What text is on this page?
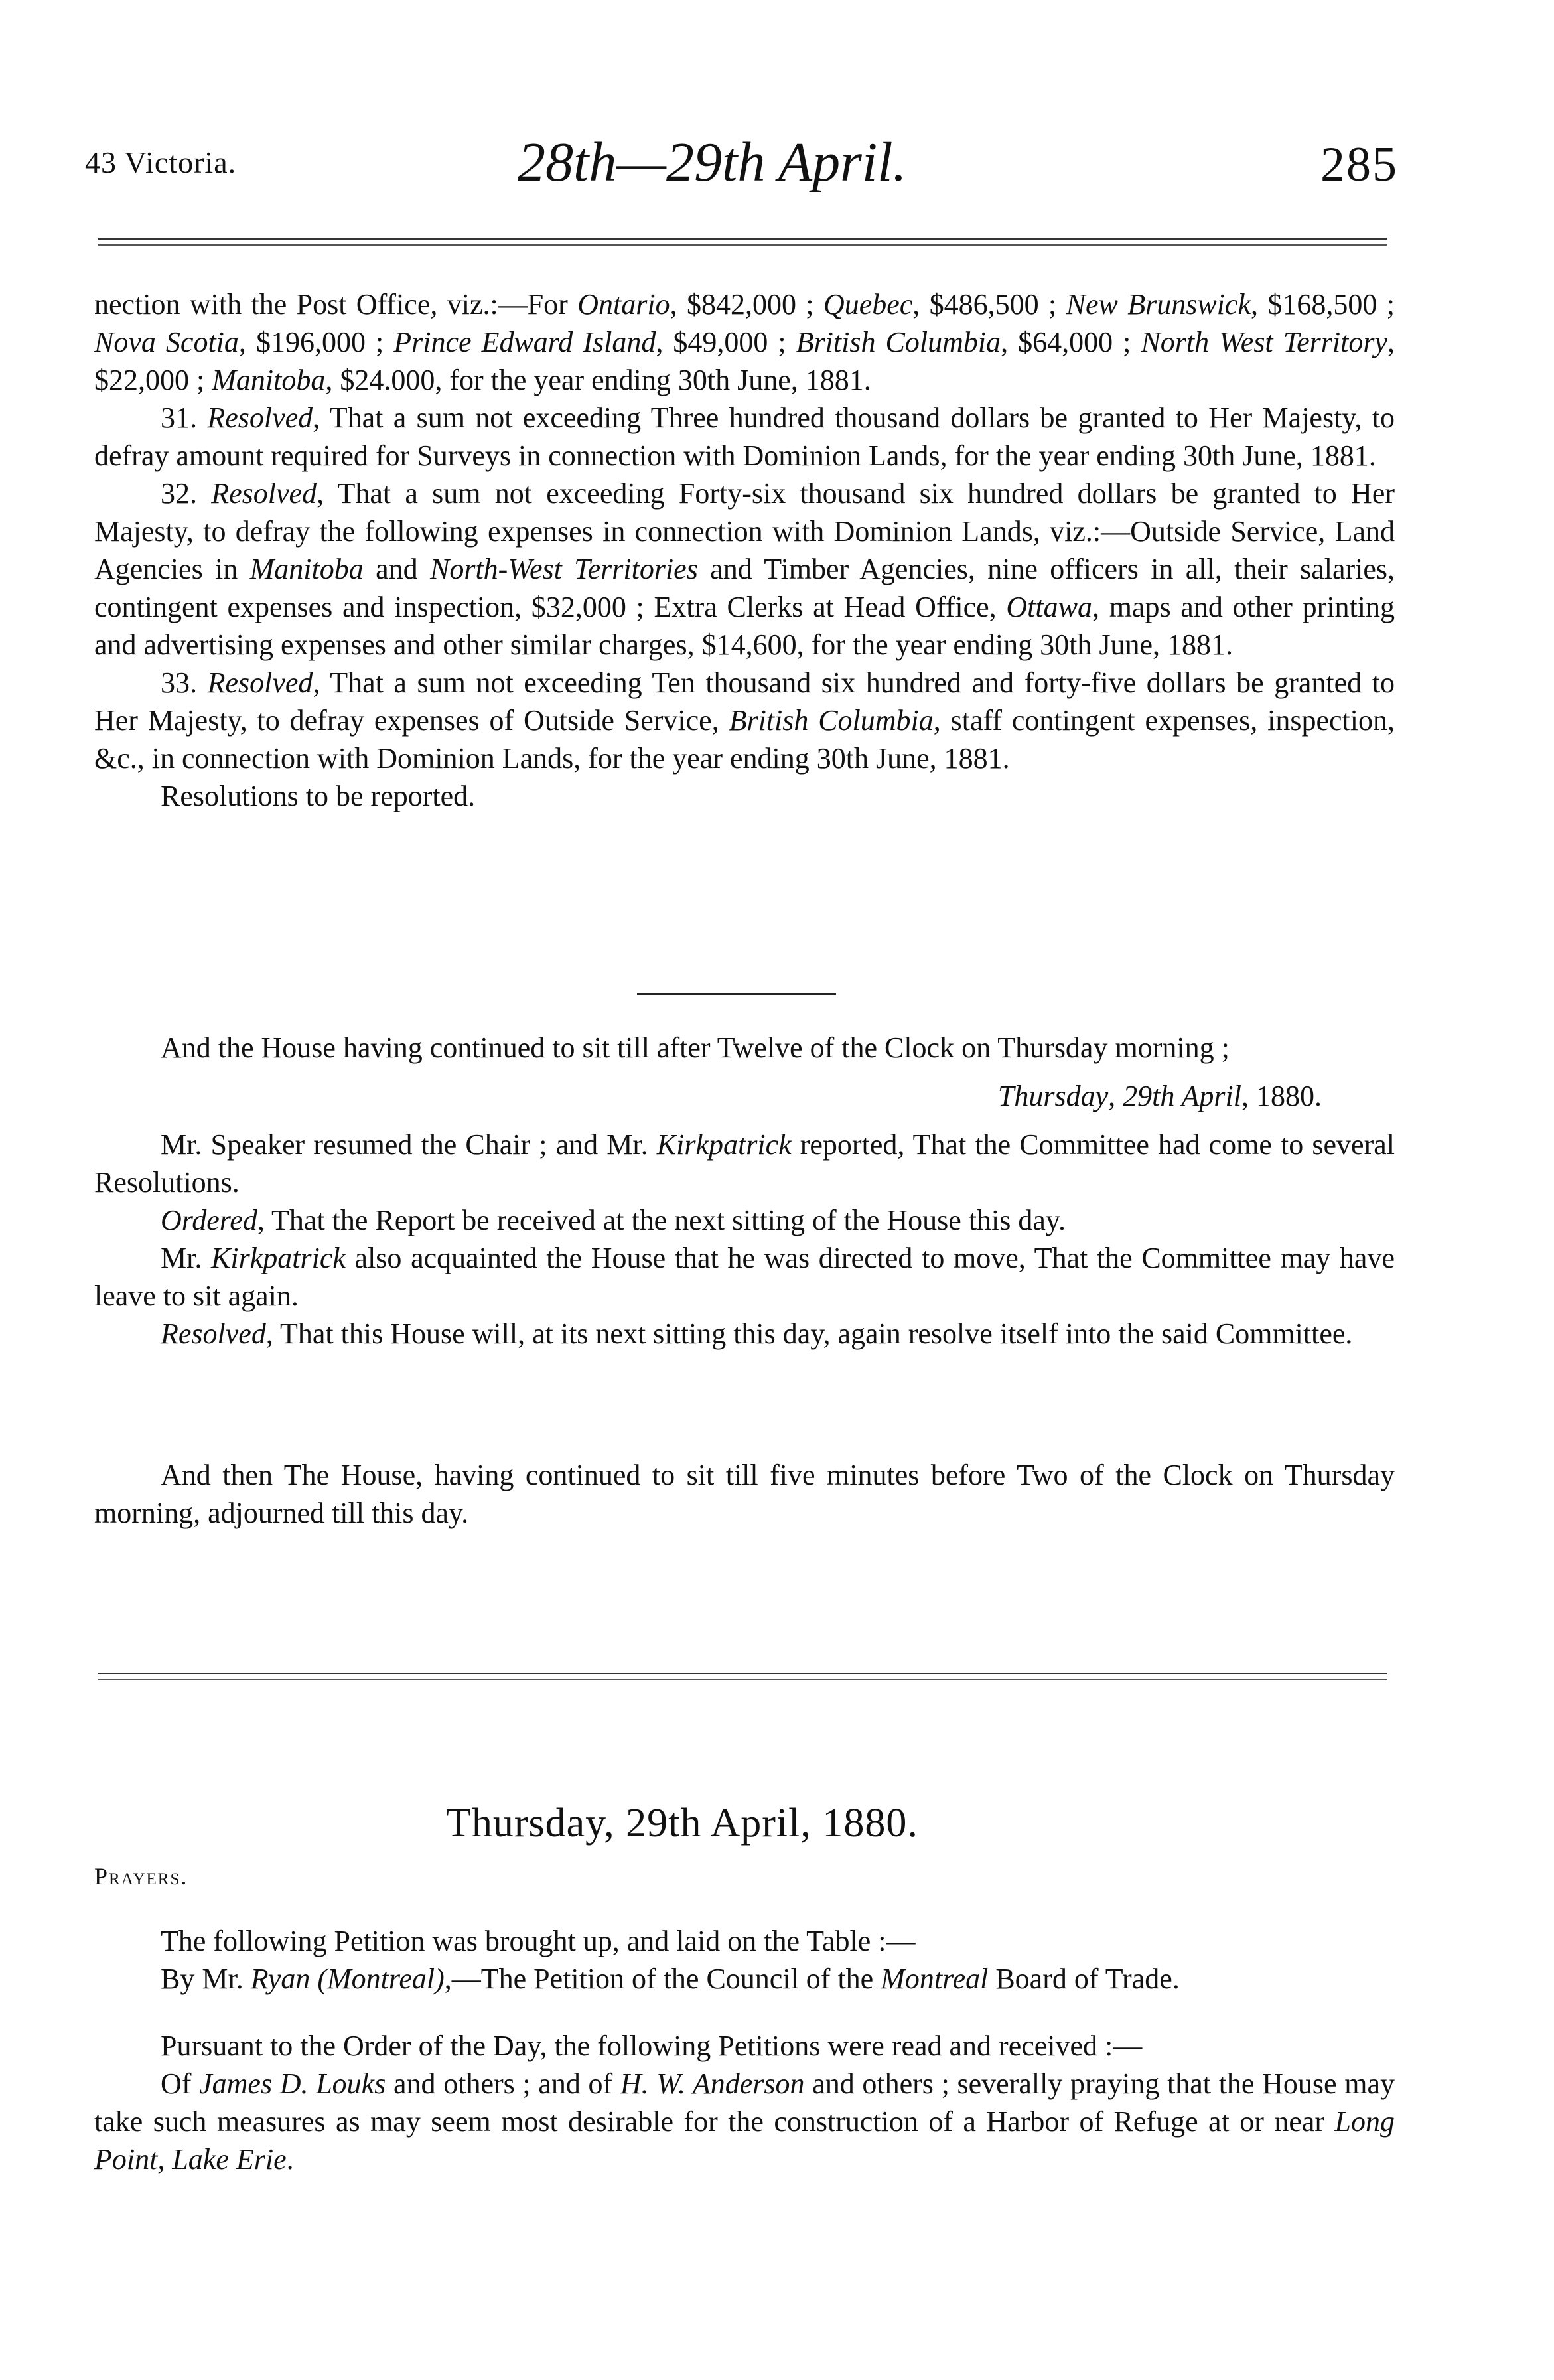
43 Victoria.	28th—29th April.	285

nection with the Post Office, viz.:—For Ontario, $842,000 ; Quebec, $486,500 ; New Brunswick, $168,500 ; Nova Scotia, $196,000 ; Prince Edward Island, $49,000 ; British Columbia, $64,000 ; North West Territory, $22,000 ; Manitoba, $24.000, for the year ending 30th June, 1881.

31. Resolved, That a sum not exceeding Three hundred thousand dollars be granted to Her Majesty, to defray amount required for Surveys in connection with Dominion Lands, for the year ending 30th June, 1881.

32. Resolved, That a sum not exceeding Forty-six thousand six hundred dollars be granted to Her Majesty, to defray the following expenses in connection with Dominion Lands, viz.:—Outside Service, Land Agencies in Manitoba and North-West Territories and Timber Agencies, nine officers in all, their salaries, contingent expenses and inspection, $32,000 ; Extra Clerks at Head Office, Ottawa, maps and other printing and advertising expenses and other similar charges, $14,600, for the year ending 30th June, 1881.

33. Resolved, That a sum not exceeding Ten thousand six hundred and forty-five dollars be granted to Her Majesty, to defray expenses of Outside Service, British Columbia, staff contingent expenses, inspection, &c., in connection with Dominion Lands, for the year ending 30th June, 1881.

Resolutions to be reported.

And the House having continued to sit till after Twelve of the Clock on Thursday morning ;

Thursday, 29th April, 1880.

Mr. Speaker resumed the Chair ; and Mr. Kirkpatrick reported, That the Committee had come to several Resolutions.

Ordered, That the Report be received at the next sitting of the House this day.

Mr. Kirkpatrick also acquainted the House that he was directed to move, That the Committee may have leave to sit again.

Resolved, That this House will, at its next sitting this day, again resolve itself into the said Committee.

And then The House, having continued to sit till five minutes before Two of the Clock on Thursday morning, adjourned till this day.

Thursday, 29th April, 1880.
Prayers.

The following Petition was brought up, and laid on the Table :—

By Mr. Ryan (Montreal),—The Petition of the Council of the Montreal Board of Trade.

Pursuant to the Order of the Day, the following Petitions were read and received :—

Of James D. Louks and others ; and of H. W. Anderson and others ; severally praying that the House may take such measures as may seem most desirable for the construction of a Harbor of Refuge at or near Long Point, Lake Erie.
